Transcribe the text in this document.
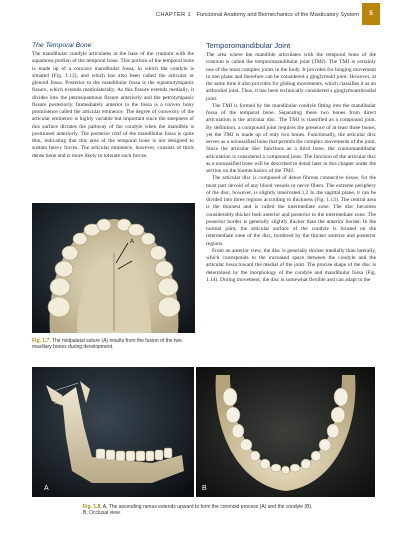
CHAPTER 1 Functional Anatomy and Biomechanics of the Masticatory System	5
The Temporal Bone

The mandibular condyle articulates at the base of the cranium with the squamous portion of the temporal bone. This portion of the temporal bone is made up of a concave mandibular fossa, in which the condyle is situated (Fig. 1.12), and which has also been called the articular or glenoid fossa. Posterior to the mandibular fossa is the squamotympanic fissure, which extends mediolaterally. As this fissure extends medially, it divides into the petrosquamous fissure anteriorly and the petrotympanic fissure posteriorly. Immediately anterior to the fossa is a convex bony prominence called the articular eminence. The degree of convexity of the articular eminence is highly variable but important since the steepness of this surface dictates the pathway of the condyle when the mandible is positioned anteriorly. The posterior roof of the mandibular fossa is quite thin, indicating that this area of the temporal bone is not designed to sustain heavy forces. The articular eminence, however, consists of thick dense bone and is more likely to tolerate such forces.

Temporomandibular Joint

The area where the mandible articulates with the temporal bone of the cranium is called the temporomandibular joint (TMJ). The TMJ is certainly one of the most complex joints in the body. It provides for hinging movement in one plane and therefore can be considered a ginglymoid joint. However, at the same time it also provides for gliding movements, which classifies it as an arthrodial joint. Thus, it has been technically considered a ginglymoarthrodial joint.

The TMJ is formed by the mandibular condyle fitting into the mandibular fossa of the temporal bone. Separating these two bones from direct articulation is the articular disc. The TMJ is classified as a compound joint. By definition, a compound joint requires the presence of at least three bones, yet the TMJ is made up of only two bones. Functionally, the articular disc serves as a nonossified bone that permits the complex movements of the joint. Since the articular disc functions as a third bone, the craniomandibular articulation is considered a compound joint. The function of the articular disc as a nonossified bone will be described in detail later in this chapter under the section on the biomechanics of the TMJ.

The articular disc is composed of dense fibrous connective tissue, for the most part devoid of any blood vessels or nerve fibers. The extreme periphery of the disc, however, is slightly innervated.1,2 In the sagittal plane, it can be divided into three regions according to thickness (Fig. 1.13). The central area is the thinnest and is called the intermediate zone. The disc becomes considerably thicker both anterior and posterior to the intermediate zone. The posterior border is generally slightly thicker than the anterior border. In the normal joint, the articular surface of the condyle is located on the intermediate zone of the disc, bordered by the thicker anterior and posterior regions.

From an anterior view, the disc is generally thicker medially than laterally, which corresponds to the increased space between the condyle and the articular fossa toward the medial of the joint. The precise shape of the disc is determined by the morphology of the condyle and mandibular fossa (Fig. 1.14). During movement, the disc is somewhat flexible and can adapt to the

A
Fig. 1.7. The midpalatal suture (A) results from the fusion of the two maxillary bones during development.
A	B
Fig. 1.8. A, The ascending ramus extends upward to form the coronoid process (A) and the condyle (B).
B, Occlusal view.
